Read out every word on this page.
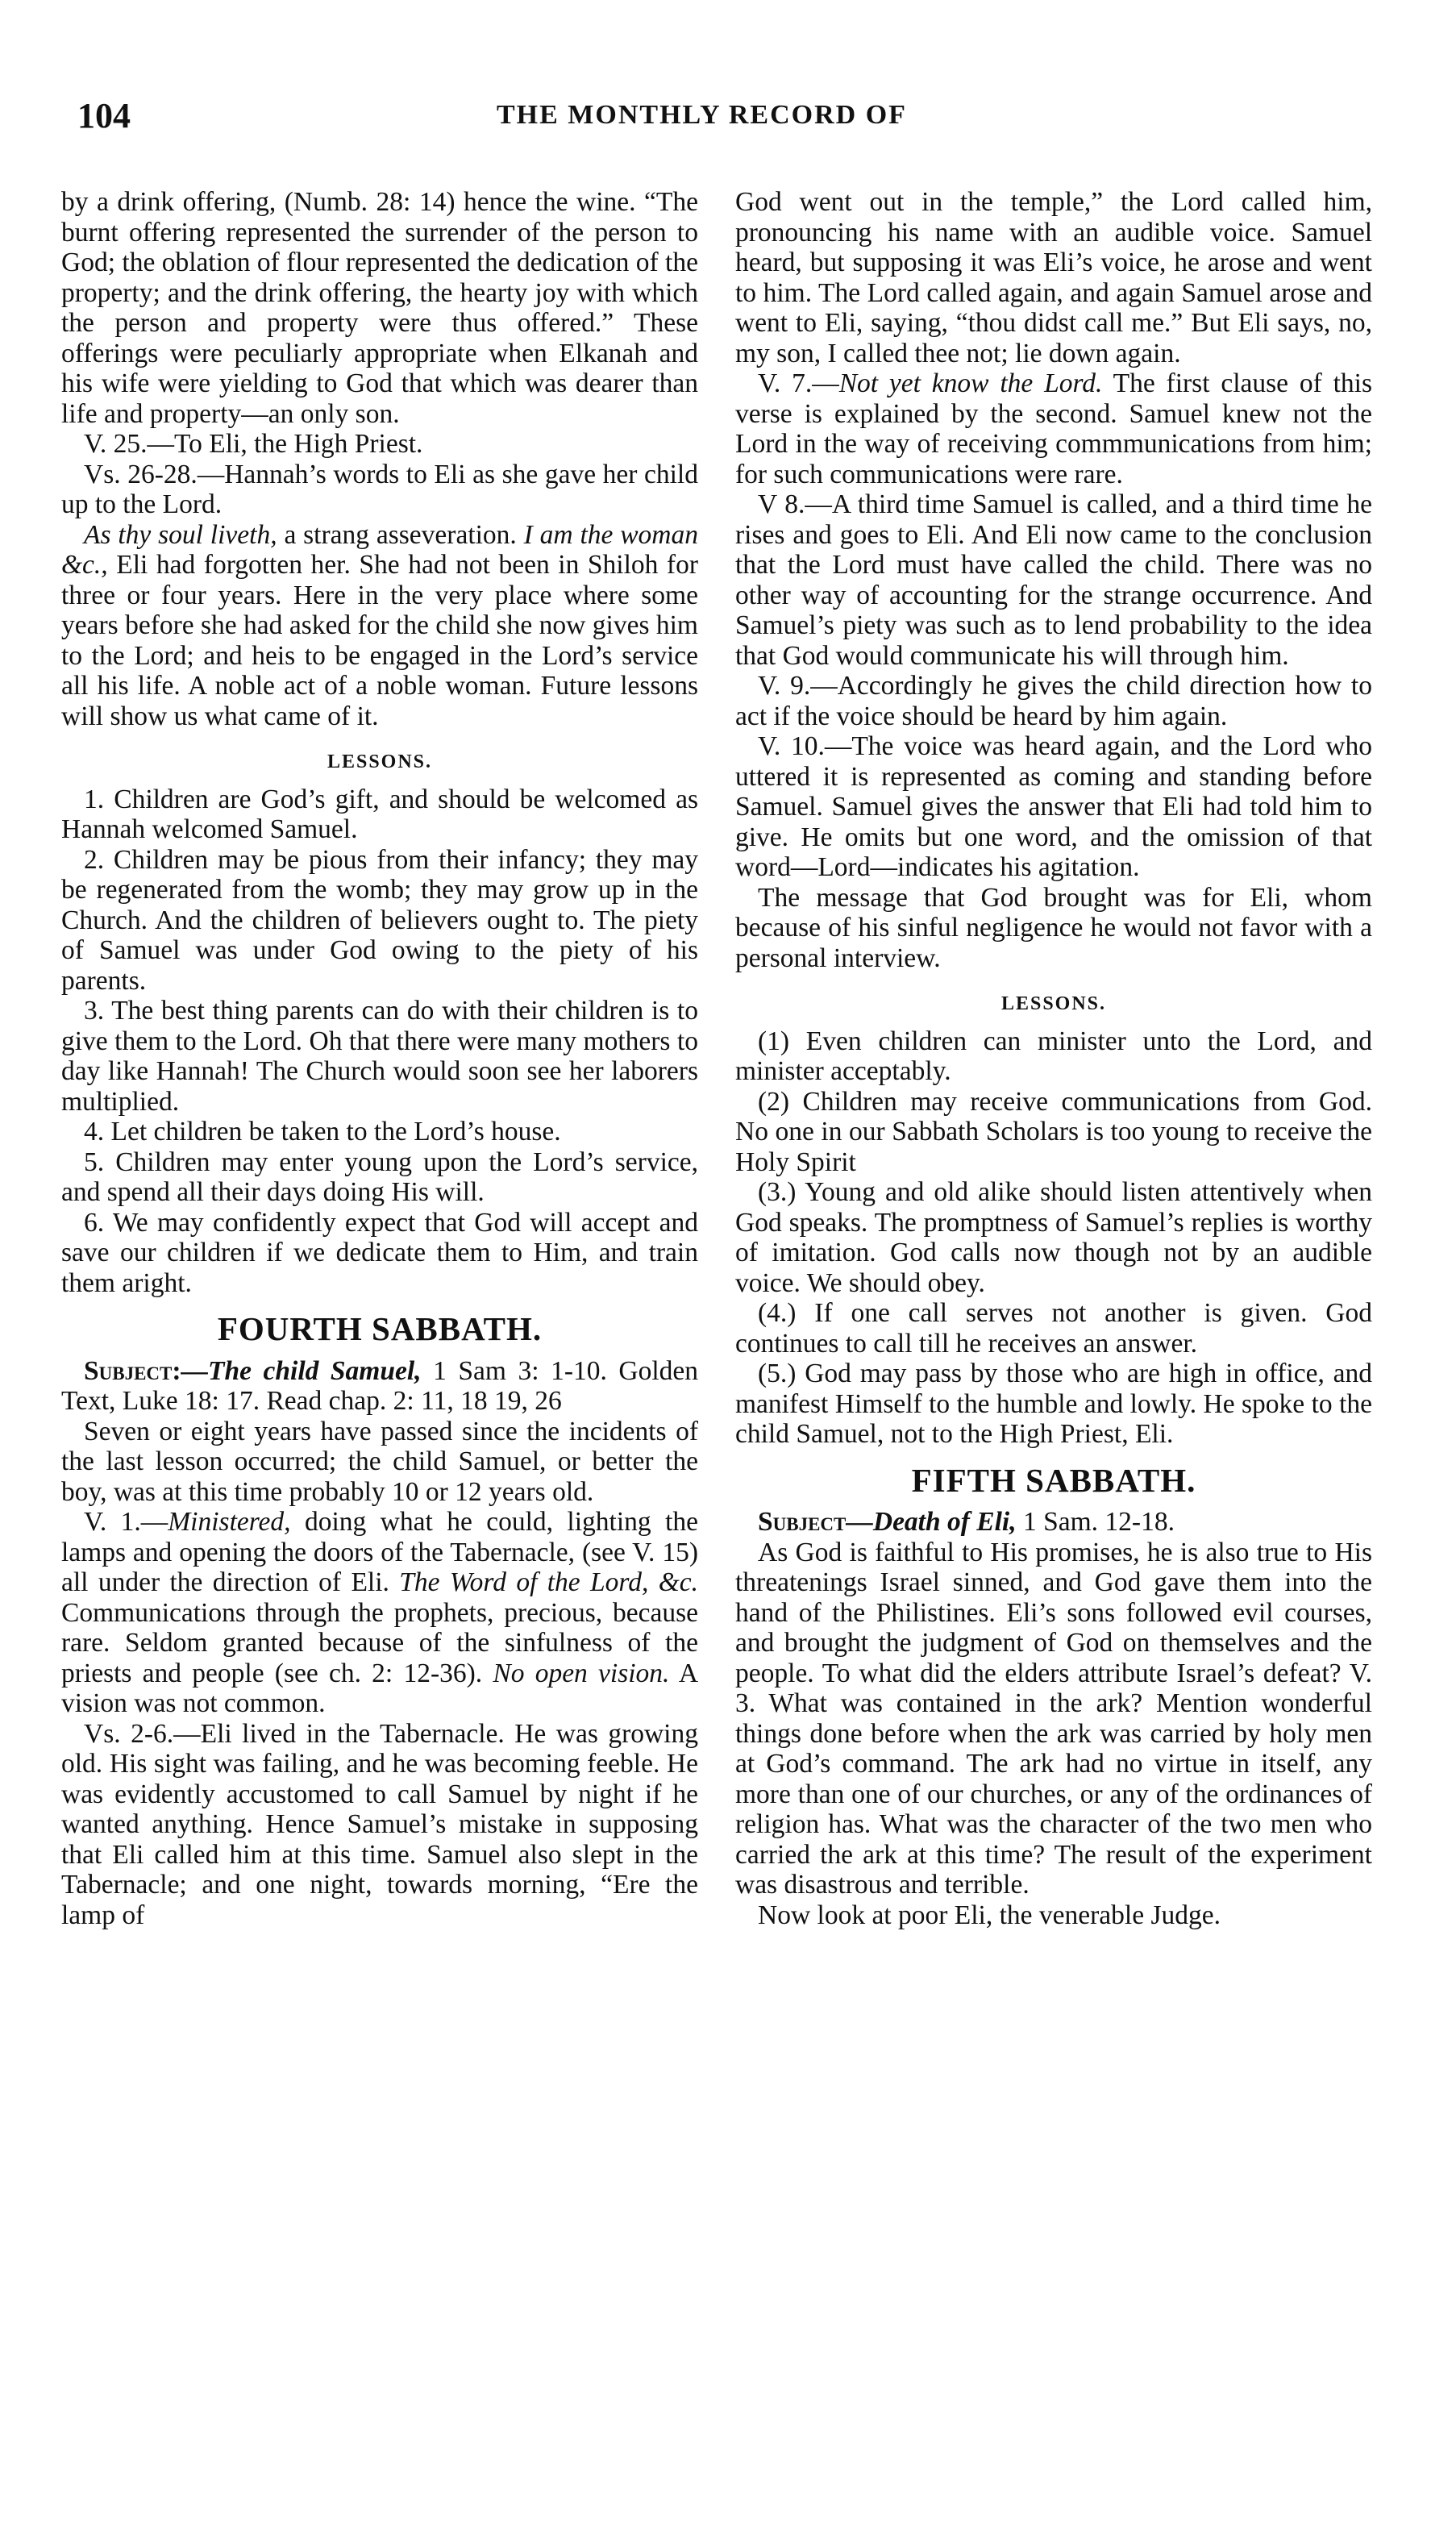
104	THE MONTHLY RECORD OF

by a drink offering, (Numb. 28: 14) hence the wine. “The burnt offering represented the surrender of the person to God; the oblation of flour represented the dedication of the property; and the drink offering, the hearty joy with which the person and property were thus offered.” These offerings were peculiarly appropriate when Elkanah and his wife were yielding to God that which was dearer than life and property—an only son.

V. 25.—To Eli, the High Priest.

Vs. 26-28.—Hannah’s words to Eli as she gave her child up to the Lord.

As thy soul liveth, a strang asseveration. I am the woman &c., Eli had forgotten her. She had not been in Shiloh for three or four years. Here in the very place where some years before she had asked for the child she now gives him to the Lord; and heis to be engaged in the Lord’s service all his life. A noble act of a noble woman. Future lessons will show us what came of it.

LESSONS.

1. Children are God’s gift, and should be welcomed as Hannah welcomed Samuel.

2. Children may be pious from their infancy; they may be regenerated from the womb; they may grow up in the Church. And the children of believers ought to. The piety of Samuel was under God owing to the piety of his parents.

3. The best thing parents can do with their children is to give them to the Lord. Oh that there were many mothers to day like Hannah! The Church would soon see her laborers multiplied.

4. Let children be taken to the Lord’s house.

5. Children may enter young upon the Lord’s service, and spend all their days doing His will.

6. We may confidently expect that God will accept and save our children if we dedicate them to Him, and train them aright.

FOURTH SABBATH.

Subject:—The child Samuel, 1 Sam 3: 1-10. Golden Text, Luke 18: 17. Read chap. 2: 11, 18 19, 26

Seven or eight years have passed since the incidents of the last lesson occurred; the child Samuel, or better the boy, was at this time probably 10 or 12 years old.

V. 1.—Ministered, doing what he could, lighting the lamps and opening the doors of the Tabernacle, (see V. 15) all under the direction of Eli. The Word of the Lord, &c. Communications through the prophets, precious, because rare. Seldom granted because of the sinfulness of the priests and people (see ch. 2: 12-36). No open vision. A vision was not common.

Vs. 2-6.—Eli lived in the Tabernacle. He was growing old. His sight was failing, and he was becoming feeble. He was evidently accustomed to call Samuel by night if he wanted anything. Hence Samuel’s mistake in supposing that Eli called him at this time. Samuel also slept in the Tabernacle; and one night, towards morning, “Ere the lamp of

God went out in the temple,” the Lord called him, pronouncing his name with an audible voice. Samuel heard, but supposing it was Eli’s voice, he arose and went to him. The Lord called again, and again Samuel arose and went to Eli, saying, “thou didst call me.” But Eli says, no, my son, I called thee not; lie down again.

V. 7.—Not yet know the Lord. The first clause of this verse is explained by the second. Samuel knew not the Lord in the way of receiving commmunications from him; for such communications were rare.

V 8.—A third time Samuel is called, and a third time he rises and goes to Eli. And Eli now came to the conclusion that the Lord must have called the child. There was no other way of accounting for the strange occurrence. And Samuel’s piety was such as to lend probability to the idea that God would communicate his will through him.

V. 9.—Accordingly he gives the child direction how to act if the voice should be heard by him again.

V. 10.—The voice was heard again, and the Lord who uttered it is represented as coming and standing before Samuel. Samuel gives the answer that Eli had told him to give. He omits but one word, and the omission of that word—Lord—indicates his agitation.

The message that God brought was for Eli, whom because of his sinful negligence he would not favor with a personal interview.

LESSONS.

(1) Even children can minister unto the Lord, and minister acceptably.

(2) Children may receive communications from God. No one in our Sabbath Scholars is too young to receive the Holy Spirit

(3.) Young and old alike should listen attentively when God speaks. The promptness of Samuel’s replies is worthy of imitation. God calls now though not by an audible voice. We should obey.

(4.) If one call serves not another is given. God continues to call till he receives an answer.

(5.) God may pass by those who are high in office, and manifest Himself to the humble and lowly. He spoke to the child Samuel, not to the High Priest, Eli.

FIFTH SABBATH.

Subject—Death of Eli, 1 Sam. 12-18.

As God is faithful to His promises, he is also true to His threatenings Israel sinned, and God gave them into the hand of the Philistines. Eli’s sons followed evil courses, and brought the judgment of God on themselves and the people. To what did the elders attribute Israel’s defeat? V. 3. What was contained in the ark? Mention wonderful things done before when the ark was carried by holy men at God’s command. The ark had no virtue in itself, any more than one of our churches, or any of the ordinances of religion has. What was the character of the two men who carried the ark at this time? The result of the experiment was disastrous and terrible.

Now look at poor Eli, the venerable Judge.
